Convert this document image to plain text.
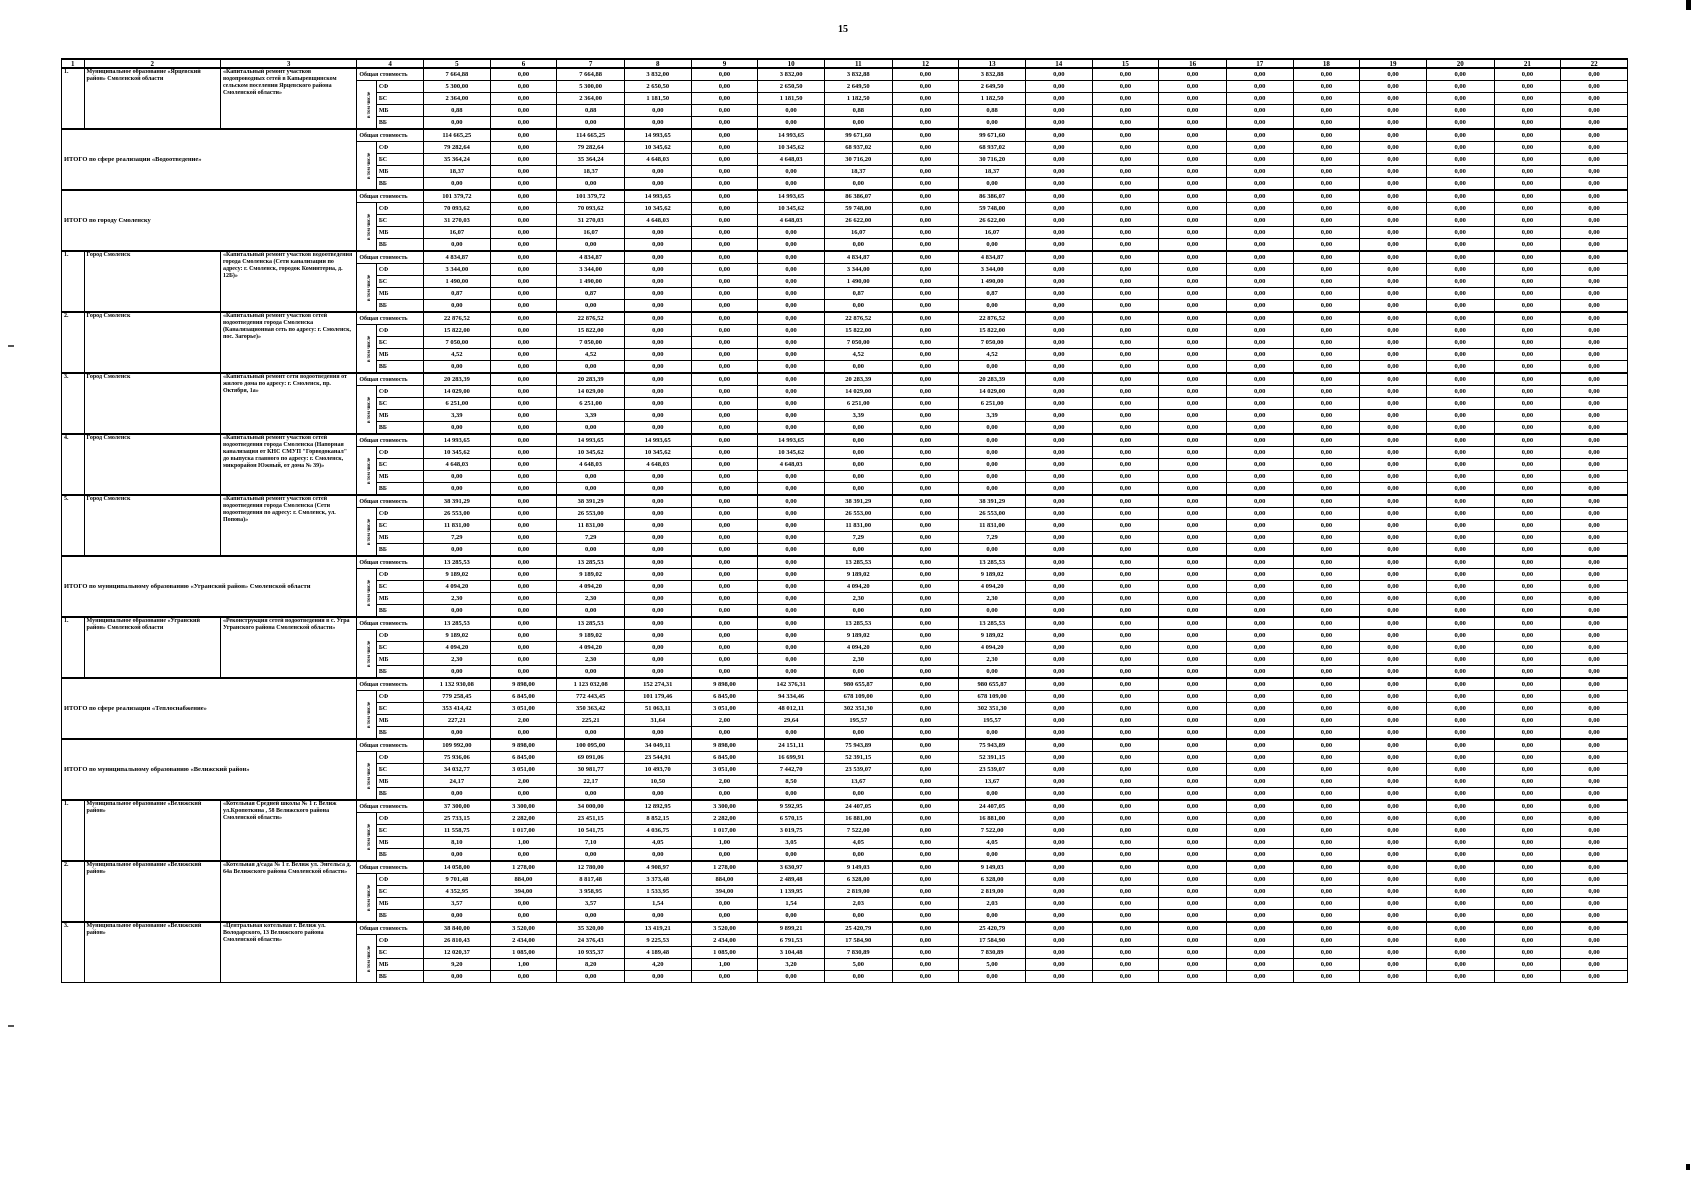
15
1	2	3	4		5	6	7	8	9	10	11	12	13	14	15	16	17	18	19	20	21	22
1.	Муниципальное образование «Ярцевский район» Смоленской области	«Капитальный ремонт участков водопроводных сетей в Капыревщинском сельском поселении Ярцевского района Смоленской области»	Общая стоимость		7 664,88	0,00	7 664,88	3 832,00	0,00	3 832,00	3 832,88	0,00	3 832,88	0,00	0,00	0,00	0,00	0,00	0,00	0,00	0,00	0,00
			в том числе	СФ	5 300,00	0,00	5 300,00	2 650,50	0,00	2 650,50	2 649,50	0,00	2 649,50	0,00	0,00	0,00	0,00	0,00	0,00	0,00	0,00	0,00
				БС	2 364,00	0,00	2 364,00	1 181,50	0,00	1 181,50	1 182,50	0,00	1 182,50	0,00	0,00	0,00	0,00	0,00	0,00	0,00	0,00	0,00
				МБ	0,88	0,00	0,88	0,00	0,00	0,00	0,88	0,00	0,88	0,00	0,00	0,00	0,00	0,00	0,00	0,00	0,00	0,00
				ВБ	0,00	0,00	0,00	0,00	0,00	0,00	0,00	0,00	0,00	0,00	0,00	0,00	0,00	0,00	0,00	0,00	0,00	0,00
ИТОГО по сфере реализации «Водоотведение»			Общая стоимость		114 665,25	0,00	114 665,25	14 993,65	0,00	14 993,65	99 671,60	0,00	99 671,60	0,00	0,00	0,00	0,00	0,00	0,00	0,00	0,00	0,00
			в том числе	СФ	79 282,64	0,00	79 282,64	10 345,62	0,00	10 345,62	68 937,02	0,00	68 937,02	0,00	0,00	0,00	0,00	0,00	0,00	0,00	0,00	0,00
				БС	35 364,24	0,00	35 364,24	4 648,03	0,00	4 648,03	30 716,20	0,00	30 716,20	0,00	0,00	0,00	0,00	0,00	0,00	0,00	0,00	0,00
				МБ	18,37	0,00	18,37	0,00	0,00	0,00	18,37	0,00	18,37	0,00	0,00	0,00	0,00	0,00	0,00	0,00	0,00	0,00
				ВБ	0,00	0,00	0,00	0,00	0,00	0,00	0,00	0,00	0,00	0,00	0,00	0,00	0,00	0,00	0,00	0,00	0,00	0,00
ИТОГО по городу Смоленску			Общая стоимость		101 379,72	0,00	101 379,72	14 993,65	0,00	14 993,65	86 386,07	0,00	86 386,07	0,00	0,00	0,00	0,00	0,00	0,00	0,00	0,00	0,00
			в том числе	СФ	70 093,62	0,00	70 093,62	10 345,62	0,00	10 345,62	59 748,00	0,00	59 748,00	0,00	0,00	0,00	0,00	0,00	0,00	0,00	0,00	0,00
				БС	31 270,03	0,00	31 270,03	4 648,03	0,00	4 648,03	26 622,00	0,00	26 622,00	0,00	0,00	0,00	0,00	0,00	0,00	0,00	0,00	0,00
				МБ	16,07	0,00	16,07	0,00	0,00	0,00	16,07	0,00	16,07	0,00	0,00	0,00	0,00	0,00	0,00	0,00	0,00	0,00
				ВБ	0,00	0,00	0,00	0,00	0,00	0,00	0,00	0,00	0,00	0,00	0,00	0,00	0,00	0,00	0,00	0,00	0,00	0,00
1.	Город Смоленск	«Капитальный ремонт участков водоотведения города Смоленска (Сети канализации по адресу: г. Смоленск, городок Коминтерна, д. 12Б)»	Общая стоимость		4 834,87	0,00	4 834,87	0,00	0,00	0,00	4 834,87	0,00	4 834,87	0,00	0,00	0,00	0,00	0,00	0,00	0,00	0,00	0,00
			в том числе	СФ	3 344,00	0,00	3 344,00	0,00	0,00	0,00	3 344,00	0,00	3 344,00	0,00	0,00	0,00	0,00	0,00	0,00	0,00	0,00	0,00
				БС	1 490,00	0,00	1 490,00	0,00	0,00	0,00	1 490,00	0,00	1 490,00	0,00	0,00	0,00	0,00	0,00	0,00	0,00	0,00	0,00
				МБ	0,87	0,00	0,87	0,00	0,00	0,00	0,87	0,00	0,87	0,00	0,00	0,00	0,00	0,00	0,00	0,00	0,00	0,00
				ВБ	0,00	0,00	0,00	0,00	0,00	0,00	0,00	0,00	0,00	0,00	0,00	0,00	0,00	0,00	0,00	0,00	0,00	0,00
2.	Город Смоленск	«Капитальный ремонт участков сетей водоотведения города Смоленска (Канализационная сеть по адресу: г. Смоленск, пос. Загорье)»	Общая стоимость		22 876,52	0,00	22 876,52	0,00	0,00	0,00	22 876,52	0,00	22 876,52	0,00	0,00	0,00	0,00	0,00	0,00	0,00	0,00	0,00
			в том числе	СФ	15 822,00	0,00	15 822,00	0,00	0,00	0,00	15 822,00	0,00	15 822,00	0,00	0,00	0,00	0,00	0,00	0,00	0,00	0,00	0,00
				БС	7 050,00	0,00	7 050,00	0,00	0,00	0,00	7 050,00	0,00	7 050,00	0,00	0,00	0,00	0,00	0,00	0,00	0,00	0,00	0,00
				МБ	4,52	0,00	4,52	0,00	0,00	0,00	4,52	0,00	4,52	0,00	0,00	0,00	0,00	0,00	0,00	0,00	0,00	0,00
				ВБ	0,00	0,00	0,00	0,00	0,00	0,00	0,00	0,00	0,00	0,00	0,00	0,00	0,00	0,00	0,00	0,00	0,00	0,00
3.	Город Смоленск	«Капитальный ремонт сети водоотведения от жилого дома по адресу: г. Смоленск, пр. Октября, 1а»	Общая стоимость		20 283,39	0,00	20 283,39	0,00	0,00	0,00	20 283,39	0,00	20 283,39	0,00	0,00	0,00	0,00	0,00	0,00	0,00	0,00	0,00
			в том числе	СФ	14 029,00	0,00	14 029,00	0,00	0,00	0,00	14 029,00	0,00	14 029,00	0,00	0,00	0,00	0,00	0,00	0,00	0,00	0,00	0,00
				БС	6 251,00	0,00	6 251,00	0,00	0,00	0,00	6 251,00	0,00	6 251,00	0,00	0,00	0,00	0,00	0,00	0,00	0,00	0,00	0,00
				МБ	3,39	0,00	3,39	0,00	0,00	0,00	3,39	0,00	3,39	0,00	0,00	0,00	0,00	0,00	0,00	0,00	0,00	0,00
				ВБ	0,00	0,00	0,00	0,00	0,00	0,00	0,00	0,00	0,00	0,00	0,00	0,00	0,00	0,00	0,00	0,00	0,00	0,00
4.	Город Смоленск	«Капитальный ремонт участков сетей водоотведения города Смоленска (Напорная канализация от КНС СМУП "Горводоканал" до выпуска главного по адресу: г. Смоленск, микрорайон Южный, от дома № 39)»	Общая стоимость		14 993,65	0,00	14 993,65	14 993,65	0,00	14 993,65	0,00	0,00	0,00	0,00	0,00	0,00	0,00	0,00	0,00	0,00	0,00	0,00
			в том числе	СФ	10 345,62	0,00	10 345,62	10 345,62	0,00	10 345,62	0,00	0,00	0,00	0,00	0,00	0,00	0,00	0,00	0,00	0,00	0,00	0,00
				БС	4 648,03	0,00	4 648,03	4 648,03	0,00	4 648,03	0,00	0,00	0,00	0,00	0,00	0,00	0,00	0,00	0,00	0,00	0,00	0,00
				МБ	0,00	0,00	0,00	0,00	0,00	0,00	0,00	0,00	0,00	0,00	0,00	0,00	0,00	0,00	0,00	0,00	0,00	0,00
				ВБ	0,00	0,00	0,00	0,00	0,00	0,00	0,00	0,00	0,00	0,00	0,00	0,00	0,00	0,00	0,00	0,00	0,00	0,00
5.	Город Смоленск	«Капитальный ремонт участков сетей водоотведения города Смоленска (Сети водоотведения по адресу: г. Смоленск, ул. Попова)»	Общая стоимость		38 391,29	0,00	38 391,29	0,00	0,00	0,00	38 391,29	0,00	38 391,29	0,00	0,00	0,00	0,00	0,00	0,00	0,00	0,00	0,00
			в том числе	СФ	26 553,00	0,00	26 553,00	0,00	0,00	0,00	26 553,00	0,00	26 553,00	0,00	0,00	0,00	0,00	0,00	0,00	0,00	0,00	0,00
				БС	11 831,00	0,00	11 831,00	0,00	0,00	0,00	11 831,00	0,00	11 831,00	0,00	0,00	0,00	0,00	0,00	0,00	0,00	0,00	0,00
				МБ	7,29	0,00	7,29	0,00	0,00	0,00	7,29	0,00	7,29	0,00	0,00	0,00	0,00	0,00	0,00	0,00	0,00	0,00
				ВБ	0,00	0,00	0,00	0,00	0,00	0,00	0,00	0,00	0,00	0,00	0,00	0,00	0,00	0,00	0,00	0,00	0,00	0,00
ИТОГО по муниципальному образованию «Угранский район» Смоленской области			Общая стоимость		13 285,53	0,00	13 285,53	0,00	0,00	0,00	13 285,53	0,00	13 285,53	0,00	0,00	0,00	0,00	0,00	0,00	0,00	0,00	0,00
			в том числе	СФ	9 189,02	0,00	9 189,02	0,00	0,00	0,00	9 189,02	0,00	9 189,02	0,00	0,00	0,00	0,00	0,00	0,00	0,00	0,00	0,00
				БС	4 094,20	0,00	4 094,20	0,00	0,00	0,00	4 094,20	0,00	4 094,20	0,00	0,00	0,00	0,00	0,00	0,00	0,00	0,00	0,00
				МБ	2,30	0,00	2,30	0,00	0,00	0,00	2,30	0,00	2,30	0,00	0,00	0,00	0,00	0,00	0,00	0,00	0,00	0,00
				ВБ	0,00	0,00	0,00	0,00	0,00	0,00	0,00	0,00	0,00	0,00	0,00	0,00	0,00	0,00	0,00	0,00	0,00	0,00
1.	Муниципальное образование «Угранский район» Смоленской области	«Реконструкция сетей водоотведения в с. Угра Угранского района Смоленской области»	Общая стоимость		13 285,53	0,00	13 285,53	0,00	0,00	0,00	13 285,53	0,00	13 285,53	0,00	0,00	0,00	0,00	0,00	0,00	0,00	0,00	0,00
			в том числе	СФ	9 189,02	0,00	9 189,02	0,00	0,00	0,00	9 189,02	0,00	9 189,02	0,00	0,00	0,00	0,00	0,00	0,00	0,00	0,00	0,00
				БС	4 094,20	0,00	4 094,20	0,00	0,00	0,00	4 094,20	0,00	4 094,20	0,00	0,00	0,00	0,00	0,00	0,00	0,00	0,00	0,00
				МБ	2,30	0,00	2,30	0,00	0,00	0,00	2,30	0,00	2,30	0,00	0,00	0,00	0,00	0,00	0,00	0,00	0,00	0,00
				ВБ	0,00	0,00	0,00	0,00	0,00	0,00	0,00	0,00	0,00	0,00	0,00	0,00	0,00	0,00	0,00	0,00	0,00	0,00
ИТОГО по сфере реализации «Теплоснабжение»			Общая стоимость		1 132 930,08	9 898,00	1 123 032,08	152 274,31	9 898,00	142 376,31	980 655,87	0,00	980 655,87	0,00	0,00	0,00	0,00	0,00	0,00	0,00	0,00	0,00
			в том числе	СФ	779 258,45	6 845,00	772 443,45	101 179,46	6 845,00	94 334,46	678 109,00	0,00	678 109,00	0,00	0,00	0,00	0,00	0,00	0,00	0,00	0,00	0,00
				БС	353 414,42	3 051,00	350 363,42	51 063,11	3 051,00	48 012,11	302 351,30	0,00	302 351,30	0,00	0,00	0,00	0,00	0,00	0,00	0,00	0,00	0,00
				МБ	227,21	2,00	225,21	31,64	2,00	29,64	195,57	0,00	195,57	0,00	0,00	0,00	0,00	0,00	0,00	0,00	0,00	0,00
				ВБ	0,00	0,00	0,00	0,00	0,00	0,00	0,00	0,00	0,00	0,00	0,00	0,00	0,00	0,00	0,00	0,00	0,00	0,00
ИТОГО по муниципальному образованию «Велижский район»			Общая стоимость		109 992,00	9 898,00	100 095,00	34 049,11	9 898,00	24 151,11	75 943,89	0,00	75 943,89	0,00	0,00	0,00	0,00	0,00	0,00	0,00	0,00	0,00
			в том числе	СФ	75 936,06	6 845,00	69 091,06	23 544,91	6 845,00	16 699,91	52 391,15	0,00	52 391,15	0,00	0,00	0,00	0,00	0,00	0,00	0,00	0,00	0,00
				БС	34 032,77	3 051,00	30 981,77	10 493,70	3 051,00	7 442,70	23 539,07	0,00	23 539,07	0,00	0,00	0,00	0,00	0,00	0,00	0,00	0,00	0,00
				МБ	24,17	2,00	22,17	10,50	2,00	8,50	13,67	0,00	13,67	0,00	0,00	0,00	0,00	0,00	0,00	0,00	0,00	0,00
				ВБ	0,00	0,00	0,00	0,00	0,00	0,00	0,00	0,00	0,00	0,00	0,00	0,00	0,00	0,00	0,00	0,00	0,00	0,00
1.	Муниципальное образование «Велижский район»	«Котельная Средней школы № 1 г. Велиж ул.Кропоткина , 58 Велижского района Смоленской области»	Общая стоимость		37 300,00	3 300,00	34 000,00	12 892,95	3 300,00	9 592,95	24 407,05	0,00	24 407,05	0,00	0,00	0,00	0,00	0,00	0,00	0,00	0,00	0,00
			в том числе	СФ	25 733,15	2 282,00	23 451,15	8 852,15	2 282,00	6 570,15	16 881,00	0,00	16 881,00	0,00	0,00	0,00	0,00	0,00	0,00	0,00	0,00	0,00
				БС	11 558,75	1 017,00	10 541,75	4 036,75	1 017,00	3 019,75	7 522,00	0,00	7 522,00	0,00	0,00	0,00	0,00	0,00	0,00	0,00	0,00	0,00
				МБ	8,10	1,00	7,10	4,05	1,00	3,05	4,05	0,00	4,05	0,00	0,00	0,00	0,00	0,00	0,00	0,00	0,00	0,00
				ВБ	0,00	0,00	0,00	0,00	0,00	0,00	0,00	0,00	0,00	0,00	0,00	0,00	0,00	0,00	0,00	0,00	0,00	0,00
2.	Муниципальное образование «Велижский район»	«Котельная д/сада № 1 г. Велиж ул. Энгельса д. 64а Велижского района Смоленской области»	Общая стоимость		14 058,00	1 278,00	12 780,00	4 908,97	1 278,00	3 630,97	9 149,03	0,00	9 149,03	0,00	0,00	0,00	0,00	0,00	0,00	0,00	0,00	0,00
			в том числе	СФ	9 701,48	884,00	8 817,48	3 373,48	884,00	2 489,48	6 328,00	0,00	6 328,00	0,00	0,00	0,00	0,00	0,00	0,00	0,00	0,00	0,00
				БС	4 352,95	394,00	3 958,95	1 533,95	394,00	1 139,95	2 819,00	0,00	2 819,00	0,00	0,00	0,00	0,00	0,00	0,00	0,00	0,00	0,00
				МБ	3,57	0,00	3,57	1,54	0,00	1,54	2,03	0,00	2,03	0,00	0,00	0,00	0,00	0,00	0,00	0,00	0,00	0,00
				ВБ	0,00	0,00	0,00	0,00	0,00	0,00	0,00	0,00	0,00	0,00	0,00	0,00	0,00	0,00	0,00	0,00	0,00	0,00
3.	Муниципальное образование «Велижский район»	«Центральная котельная г. Велиж ул. Володарского, 13 Велижского района Смоленской области»	Общая стоимость		38 840,00	3 520,00	35 320,00	13 419,21	3 520,00	9 899,21	25 420,79	0,00	25 420,79	0,00	0,00	0,00	0,00	0,00	0,00	0,00	0,00	0,00
			в том числе	СФ	26 810,43	2 434,00	24 376,43	9 225,53	2 434,00	6 791,53	17 584,90	0,00	17 584,90	0,00	0,00	0,00	0,00	0,00	0,00	0,00	0,00	0,00
				БС	12 020,37	1 085,00	10 935,37	4 189,48	1 085,00	3 104,48	7 830,89	0,00	7 830,89	0,00	0,00	0,00	0,00	0,00	0,00	0,00	0,00	0,00
				МБ	9,20	1,00	8,20	4,20	1,00	3,20	5,00	0,00	5,00	0,00	0,00	0,00	0,00	0,00	0,00	0,00	0,00	0,00
				ВБ	0,00	0,00	0,00	0,00	0,00	0,00	0,00	0,00	0,00	0,00	0,00	0,00	0,00	0,00	0,00	0,00	0,00	0,00
